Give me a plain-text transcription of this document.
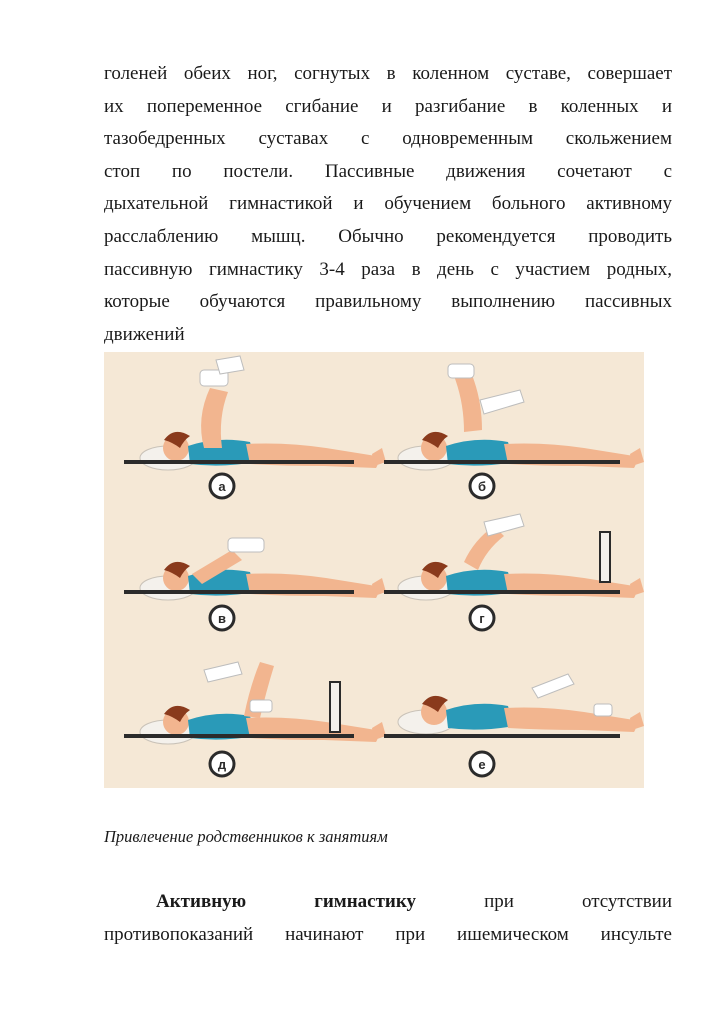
голеней обеих ног, согнутых в коленном суставе, совершает
их попеременное сгибание и разгибание в коленных и
тазобедренных суставах с одновременным скольжением
стоп по постели. Пассивные движения сочетают с
дыхательной гимнастикой и обучением больного активному
расслаблению мышц. Обычно рекомендуется проводить
пассивную гимнастику 3-4 раза в день с участием родных,
которые обучаются правильному выполнению пассивных
движений
а	б
в	г
д	е
Привлечение родственников к занятиям
Активную гимнастику	при отсутствии
противопоказаний начинают при ишемическом инсульте
